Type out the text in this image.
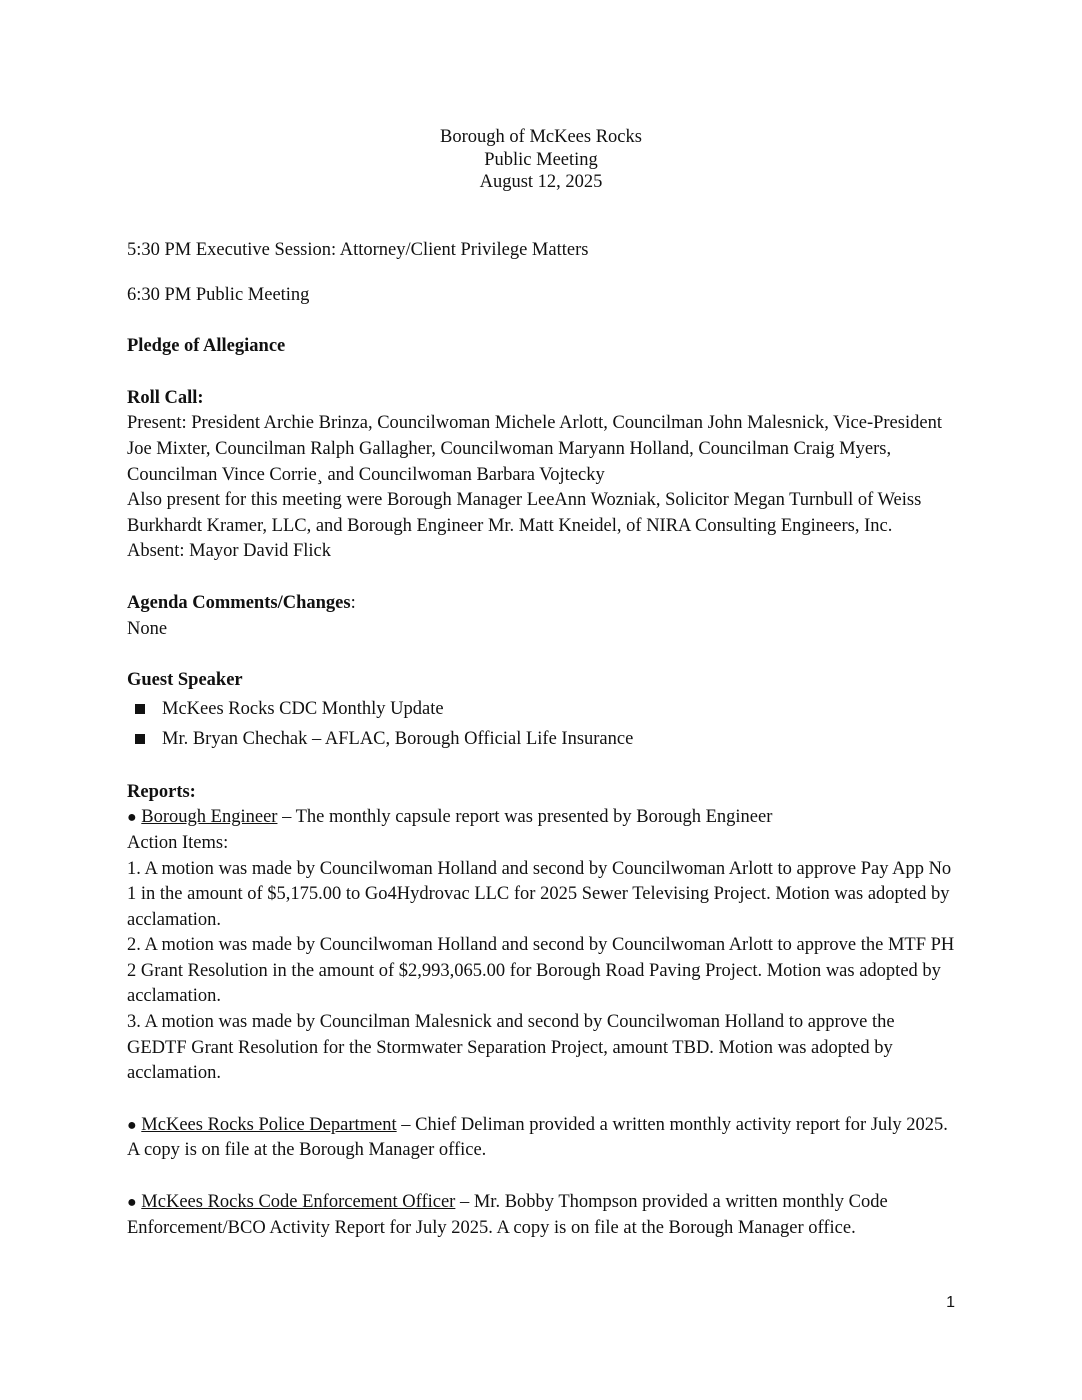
Borough of McKees Rocks
Public Meeting
August 12, 2025

5:30 PM Executive Session: Attorney/Client Privilege Matters

6:30 PM Public Meeting

Pledge of Allegiance

Roll Call:

Present: President Archie Brinza, Councilwoman Michele Arlott, Councilman John Malesnick, Vice-President Joe Mixter, Councilman Ralph Gallagher, Councilwoman Maryann Holland, Councilman Craig Myers, Councilman Vince Corrie¸ and Councilwoman Barbara Vojtecky

Also present for this meeting were Borough Manager LeeAnn Wozniak, Solicitor Megan Turnbull of Weiss Burkhardt Kramer, LLC, and Borough Engineer Mr. Matt Kneidel, of NIRA Consulting Engineers, Inc.

Absent: Mayor David Flick

Agenda Comments/Changes:

None

Guest Speaker

McKees Rocks CDC Monthly Update
Mr. Bryan Chechak – AFLAC, Borough Official Life Insurance

Reports:

● Borough Engineer – The monthly capsule report was presented by Borough Engineer

Action Items:

1. A motion was made by Councilwoman Holland and second by Councilwoman Arlott to approve Pay App No 1 in the amount of $5,175.00 to Go4Hydrovac LLC for 2025 Sewer Televising Project. Motion was adopted by acclamation.

2. A motion was made by Councilwoman Holland and second by Councilwoman Arlott to approve the MTF PH 2 Grant Resolution in the amount of $2,993,065.00 for Borough Road Paving Project. Motion was adopted by acclamation.

3. A motion was made by Councilman Malesnick and second by Councilwoman Holland to approve the GEDTF Grant Resolution for the Stormwater Separation Project, amount TBD. Motion was adopted by acclamation.

● McKees Rocks Police Department – Chief Deliman provided a written monthly activity report for July 2025. A copy is on file at the Borough Manager office.

● McKees Rocks Code Enforcement Officer – Mr. Bobby Thompson provided a written monthly Code Enforcement/BCO Activity Report for July 2025. A copy is on file at the Borough Manager office.

1
